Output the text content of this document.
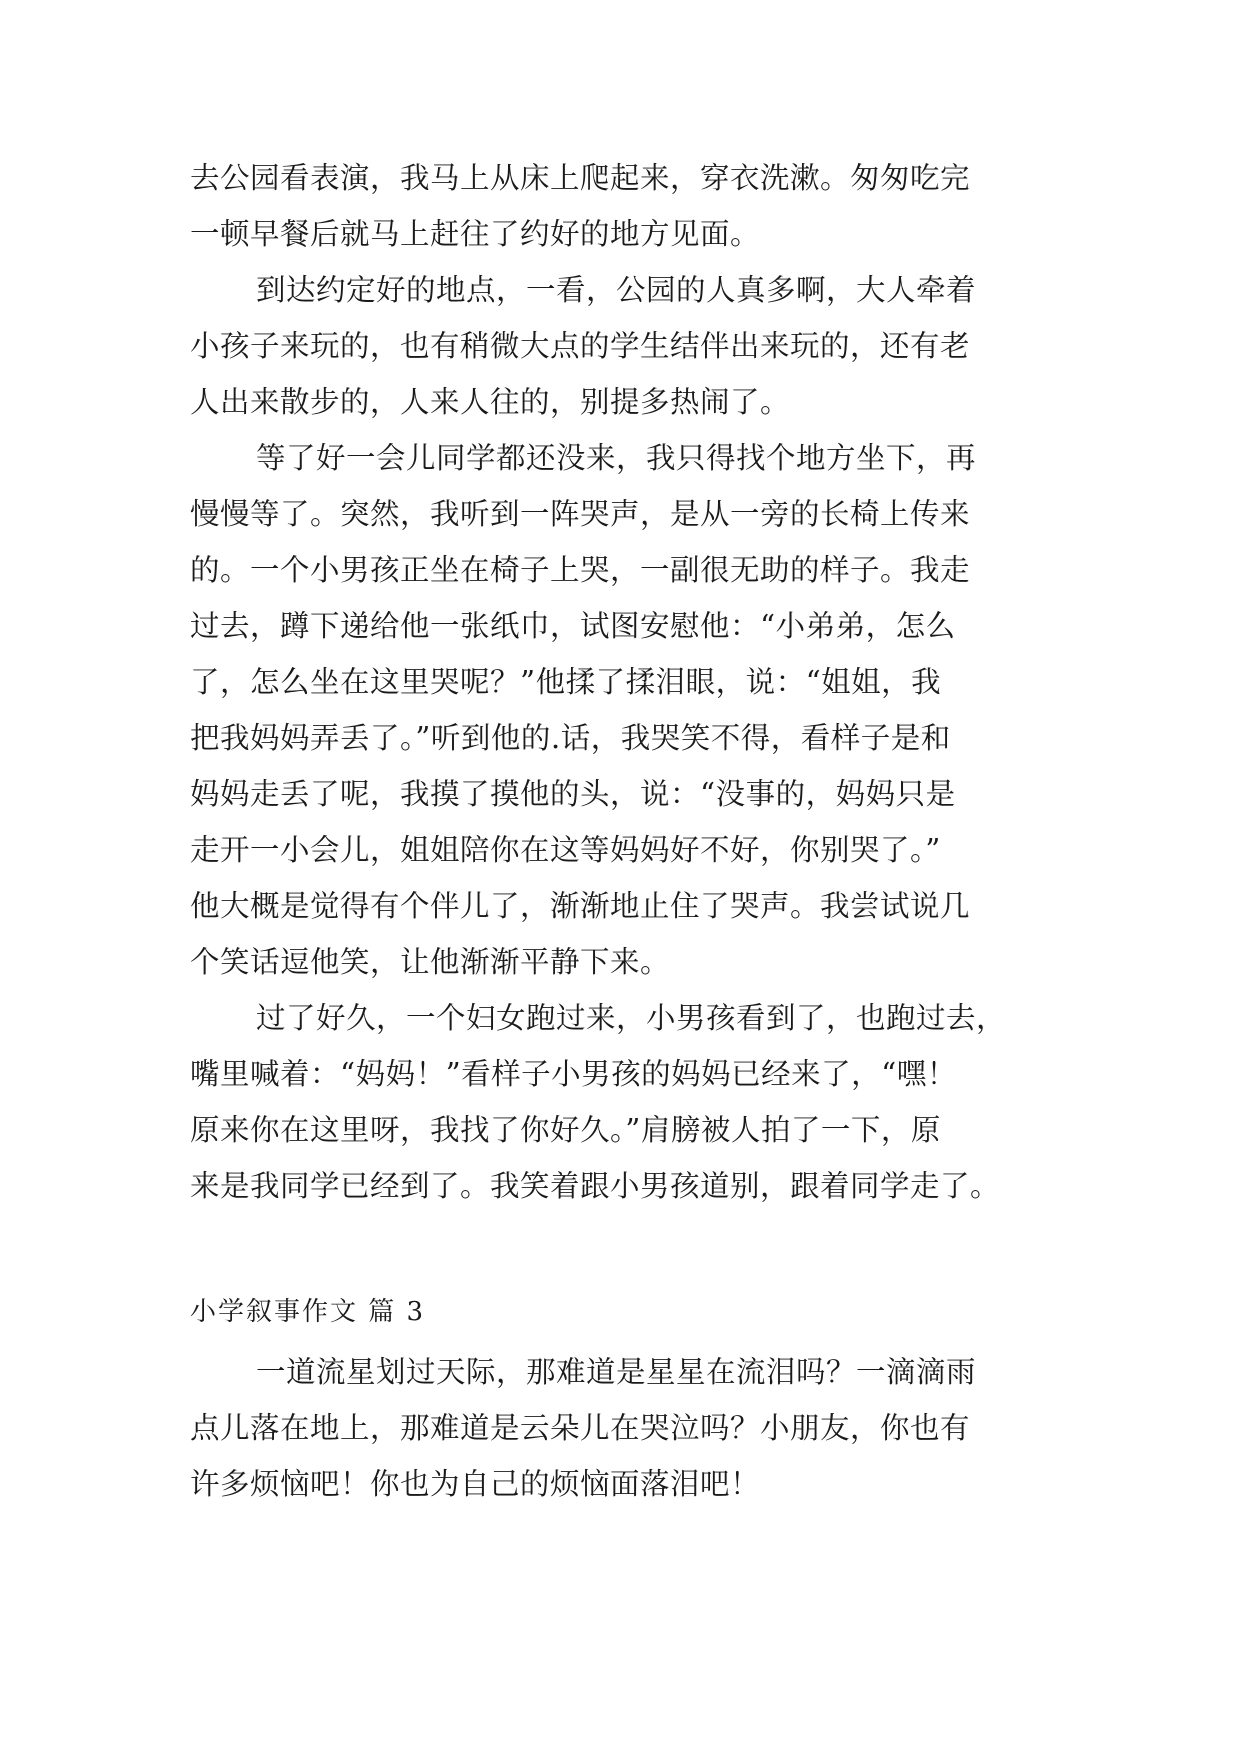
去公园看表演，我马上从床上爬起来，穿衣洗漱。匆匆吃完
一顿早餐后就马上赶往了约好的地方见面。
到达约定好的地点，一看，公园的人真多啊，大人牵着
小孩子来玩的，也有稍微大点的学生结伴出来玩的，还有老
人出来散步的，人来人往的，别提多热闹了。
等了好一会儿同学都还没来，我只得找个地方坐下，再
慢慢等了。突然，我听到一阵哭声，是从一旁的长椅上传来
的。一个小男孩正坐在椅子上哭，一副很无助的样子。我走
过去，蹲下递给他一张纸巾，试图安慰他：“小弟弟，怎么
了，怎么坐在这里哭呢？”他揉了揉泪眼，说：“姐姐，我
把我妈妈弄丢了。”听到他的.话，我哭笑不得，看样子是和
妈妈走丢了呢，我摸了摸他的头，说：“没事的，妈妈只是
走开一小会儿，姐姐陪你在这等妈妈好不好，你别哭了。”
他大概是觉得有个伴儿了，渐渐地止住了哭声。我尝试说几
个笑话逗他笑，让他渐渐平静下来。
过了好久，一个妇女跑过来，小男孩看到了，也跑过去，
嘴里喊着：“妈妈！”看样子小男孩的妈妈已经来了，“嘿！
原来你在这里呀，我找了你好久。”肩膀被人拍了一下，原
来是我同学已经到了。我笑着跟小男孩道别，跟着同学走了。
小学叙事作文 篇 3
一道流星划过天际，那难道是星星在流泪吗？一滴滴雨
点儿落在地上，那难道是云朵儿在哭泣吗？小朋友，你也有
许多烦恼吧！你也为自己的烦恼面落泪吧！
